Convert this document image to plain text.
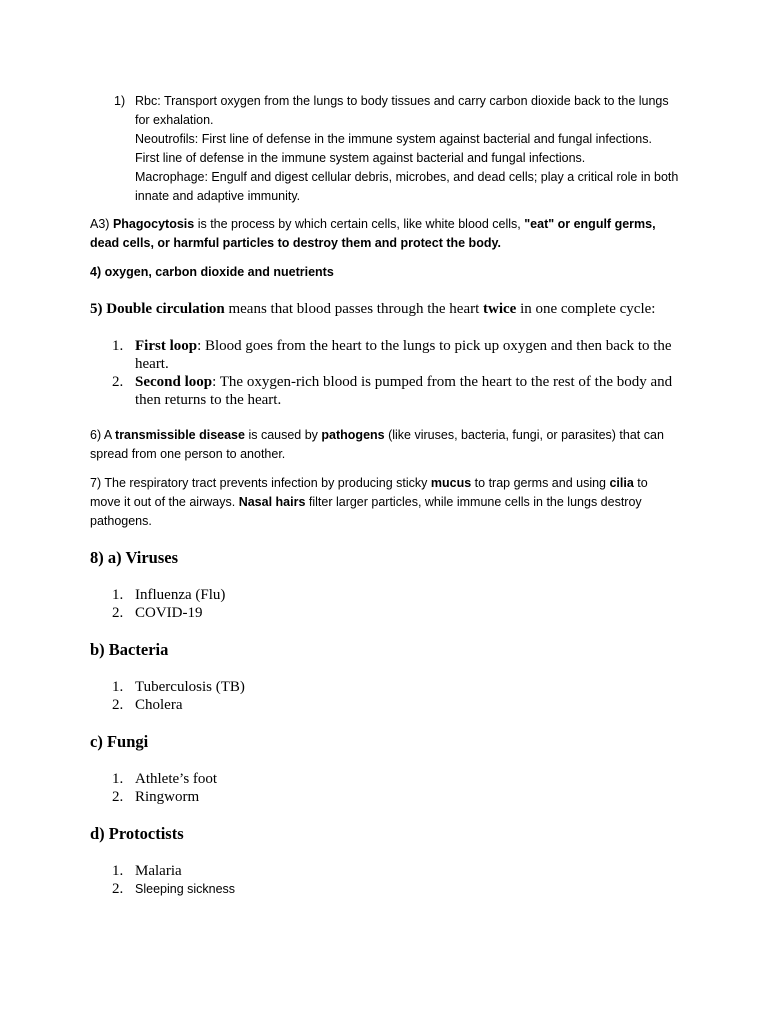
1) Rbc: Transport oxygen from the lungs to body tissues and carry carbon dioxide back to the lungs for exhalation.

Neoutrofils: First line of defense in the immune system against bacterial and fungal infections.

First line of defense in the immune system against bacterial and fungal infections.

Macrophage: Engulf and digest cellular debris, microbes, and dead cells; play a critical role in both innate and adaptive immunity.

A3) Phagocytosis is the process by which certain cells, like white blood cells, "eat" or engulf germs, dead cells, or harmful particles to destroy them and protect the body.
4) oxygen, carbon dioxide and nuetrients
5) Double circulation means that blood passes through the heart twice in one complete cycle:
1. First loop: Blood goes from the heart to the lungs to pick up oxygen and then back to the heart.
2. Second loop: The oxygen-rich blood is pumped from the heart to the rest of the body and then returns to the heart.
6) A transmissible disease is caused by pathogens (like viruses, bacteria, fungi, or parasites) that can spread from one person to another.
7) The respiratory tract prevents infection by producing sticky mucus to trap germs and using cilia to move it out of the airways. Nasal hairs filter larger particles, while immune cells in the lungs destroy pathogens.
8) a) Viruses
1. Influenza (Flu)
2. COVID-19
b) Bacteria
1. Tuberculosis (TB)
2. Cholera
c) Fungi
1. Athlete’s foot
2. Ringworm
d) Protoctists
1. Malaria
2. Sleeping sickness
